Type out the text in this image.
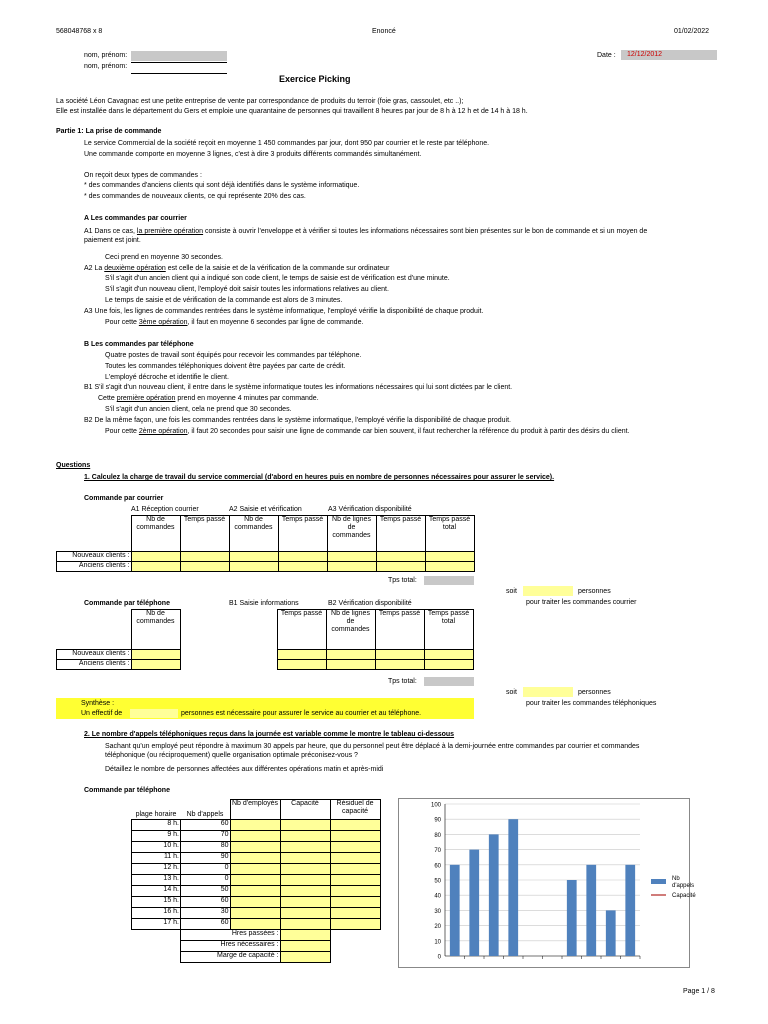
568048768 x 8	Enoncé	01/02/2022
nom, prénom:
nom, prénom:
Date :	12/12/2012
Exercice Picking
La société Léon Cavagnac est une petite entreprise de vente par correspondance de produits du terroir (foie gras, cassoulet, etc ..);
Elle est installée dans le département du Gers et emploie une quarantaine de personnes qui travaillent 8 heures par jour de 8 h à 12 h et de 14 h à 18 h.
Partie 1: La prise de commande
Le service Commercial de la société reçoit en moyenne 1 450 commandes par jour, dont 950 par courrier et le reste par téléphone.
Une commande comporte en moyenne 3 lignes, c'est à dire 3 produits différents commandés simultanément.
On reçoit deux types de commandes :
* des commandes d'anciens clients qui sont déjà identifiés dans le système informatique.
* des commandes de nouveaux clients, ce qui représente 20% des cas.
A Les commandes par courrier
A1 Dans ce cas, la première opération consiste à ouvrir l'enveloppe et à vérifier si toutes les informations nécessaires sont bien présentes sur le bon de commande et si un moyen de
paiement est joint.
Ceci prend en moyenne 30 secondes.
A2 La deuxième opération est celle de la saisie et de la vérification de la commande sur ordinateur
S'il s'agit d'un ancien client qui a indiqué son code client, le temps de saisie est de vérification est d'une minute.
S'il s'agit d'un nouveau client, l'employé doit saisir toutes les informations relatives au client.
Le temps de saisie et de vérification de la commande est alors de 3 minutes.
A3 Une fois, les lignes de commandes rentrées dans le système informatique, l'employé vérifie la disponibilité de chaque produit.
Pour cette 3ème opération, il faut en moyenne 6 secondes par ligne de commande.
B Les commandes par téléphone
Quatre postes de travail sont équipés pour recevoir les commandes par téléphone.
Toutes les commandes téléphoniques doivent être payées par carte de crédit.
L'employé décroche et identifie le client.
B1 S'il s'agit d'un nouveau client, il entre dans le système informatique toutes les informations nécessaires qui lui sont dictées par le client.
Cette première opération prend en moyenne 4 minutes par commande.
S'il s'agit d'un ancien client, cela ne prend que 30 secondes.
B2 De la même façon, une fois les commandes rentrées dans le système informatique, l'employé vérifie la disponibilité de chaque produit.
Pour cette 2ème opération, il faut 20 secondes pour saisir une ligne de commande car bien souvent, il faut rechercher la référence du produit à partir des désirs du client.
Questions
1. Calculez la charge de travail du service commercial (d'abord en heures puis en nombre de personnes nécessaires pour assurer le service).
Commande par courrier
A1 Réception courrier	A2 Saisie et vérification	A3 Vérification disponibilité
	Nb de commandes	Temps passé	Nb de commandes	Temps passé	Nb de lignes de commandes	Temps passé	Temps passé total
Nouveaux clients :							
Anciens clients :							
Tps total:
soit	personnes
pour traiter les commandes courrier
Commande par téléphone	B1 Saisie informations	B2 Vérification disponibilité
	Nb de commandes			Temps passé	Nb de lignes de commandes	Temps passé	Temps passé total
Nouveaux clients :							
Anciens clients :							
Tps total:
soit	personnes
pour traiter les commandes téléphoniques
Synthèse :
Un effectif de	personnes est nécessaire pour assurer le service au courrier et au téléphone.
2. Le nombre d'appels téléphoniques reçus dans la journée est variable comme le montre le tableau ci-dessous
Sachant qu'un employé peut répondre à maximum 30 appels par heure, que du personnel peut être déplacé à la demi-journée entre commandes par courrier et commandes
téléphonique (ou réciproquement) quelle organisation optimale préconisez-vous ?
Détaillez le nombre de personnes affectées aux différentes opérations matin et après-midi
Commande par téléphone
plage horaire	Nb d'appels	Nb d'employés	Capacité	Résiduel de capacité
8 h.	60			
9 h.	70			
10 h.	80			
11 h.	90			
12 h.	0			
13 h.	0			
14 h.	50			
15 h.	60			
16 h.	30			
17 h.	60			
	Hres passées :			
	Hres nécessaires :			
	Marge de capacité :				0
10
20
30
40
50
60
70
80
90
100
Nb
d'appels
Capacité
Page 1 / 8
